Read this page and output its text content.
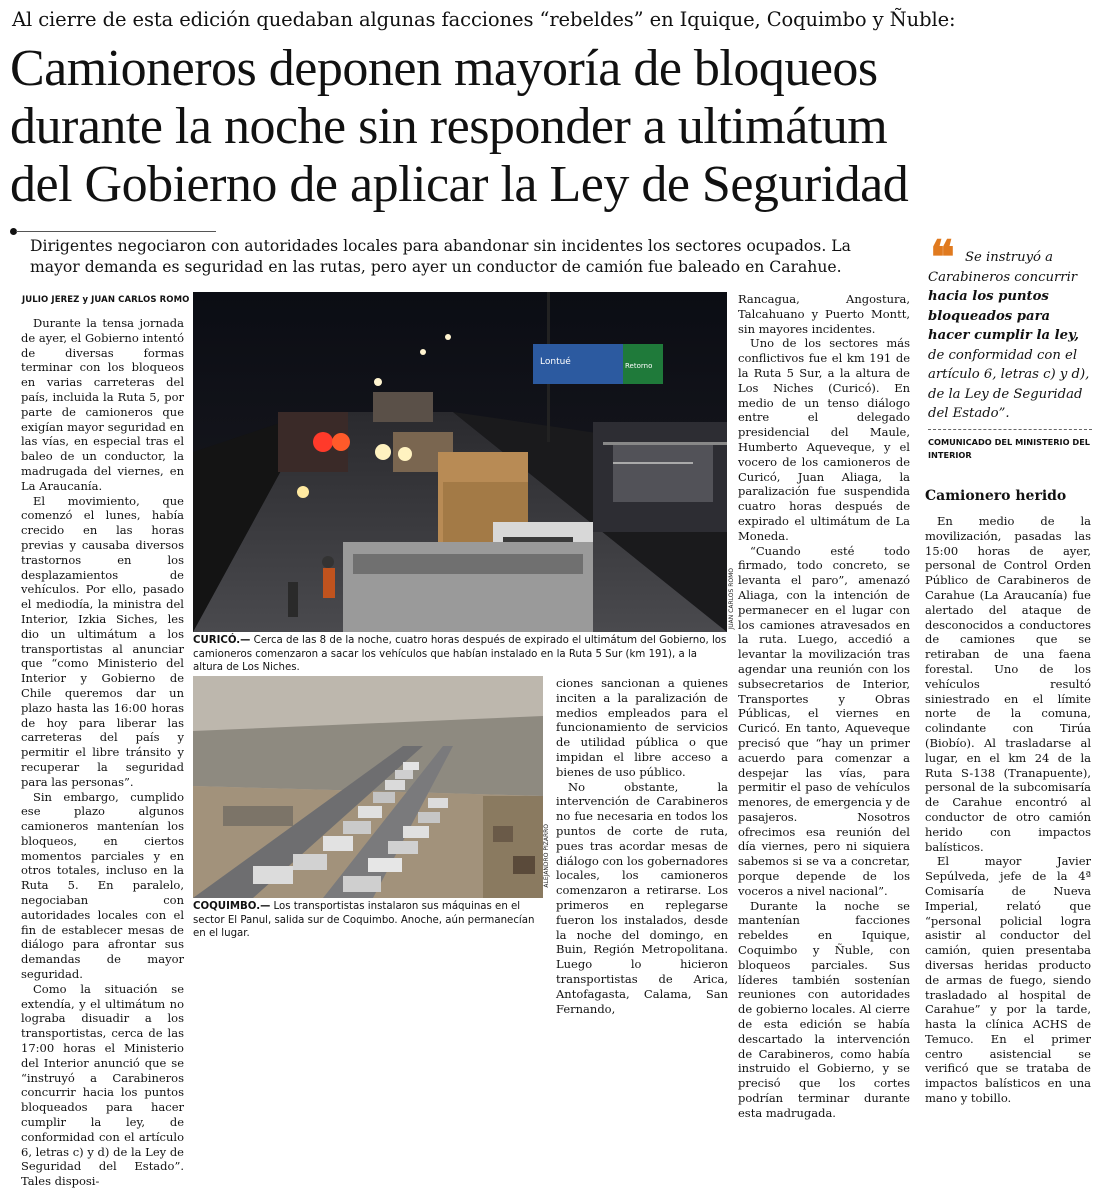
Al cierre de esta edición quedaban algunas facciones “rebeldes” en Iquique, Coquimbo y Ñuble:
Camioneros deponen mayoría de bloqueos
durante la noche sin responder a ultimátum
del Gobierno de aplicar la Ley de Seguridad
Dirigentes negociaron con autoridades locales para abandonar sin incidentes los sectores ocupados. La mayor demanda es seguridad en las rutas, pero ayer un conductor de camión fue baleado en Carahue.
JULIO JEREZ y JUAN CARLOS ROMO

Durante la tensa jornada de ayer, el Gobierno intentó de diversas formas terminar con los bloqueos en varias carreteras del país, incluida la Ruta 5, por parte de camioneros que exigían mayor seguridad en las vías, en especial tras el baleo de un conductor, la madrugada del viernes, en La Araucanía.

El movimiento, que comenzó el lunes, había crecido en las horas previas y causaba diversos trastornos en los desplazamientos de vehículos. Por ello, pasado el mediodía, la ministra del Interior, Izkia Siches, les dio un ultimátum a los transportistas al anunciar que “como Ministerio del Interior y Gobierno de Chile queremos dar un plazo hasta las 16:00 horas de hoy para liberar las carreteras del país y permitir el libre tránsito y recuperar la seguridad para las personas”.

Sin embargo, cumplido ese plazo algunos camioneros mantenían los bloqueos, en ciertos momentos parciales y en otros totales, incluso en la Ruta 5. En paralelo, negociaban con autoridades locales con el fin de establecer mesas de diálogo para afrontar sus demandas de mayor seguridad.

Como la situación se extendía, y el ultimátum no lograba disuadir a los transportistas, cerca de las 17:00 horas el Ministerio del Interior anunció que se “instruyó a Carabineros concurrir hacia los puntos bloqueados para hacer cumplir la ley, de conformidad con el artículo 6, letras c) y d) de la Ley de Seguridad del Estado”. Tales disposi-

Lontué	Retorno
JUAN CARLOS ROMO
CURICÓ.— Cerca de las 8 de la noche, cuatro horas después de expirado el ultimátum del Gobierno, los camioneros comenzaron a sacar los vehículos que habían instalado en la Ruta 5 Sur (km 191), a la altura de Los Niches.
ALEJANDRO PIZARRO
COQUIMBO.— Los transportistas instalaron sus máquinas en el sector El Panul, salida sur de Coquimbo. Anoche, aún permanecían en el lugar.

ciones sancionan a quienes inciten a la paralización de medios empleados para el funcionamiento de servicios de utilidad pública o que impidan el libre acceso a bienes de uso público.

No obstante, la intervención de Carabineros no fue necesaria en todos los puntos de corte de ruta, pues tras acordar mesas de diálogo con los gobernadores locales, los camioneros comenzaron a retirarse. Los primeros en replegarse fueron los instalados, desde la noche del domingo, en Buin, Región Metropolitana. Luego lo hicieron transportistas de Arica, Antofagasta, Calama, San Fernando,

Rancagua, Angostura, Talcahuano y Puerto Montt, sin mayores incidentes.

Uno de los sectores más conflictivos fue el km 191 de la Ruta 5 Sur, a la altura de Los Niches (Curicó). En medio de un tenso diálogo entre el delegado presidencial del Maule, Humberto Aqueveque, y el vocero de los camioneros de Curicó, Juan Aliaga, la paralización fue suspendida cuatro horas después de expirado el ultimátum de La Moneda.

“Cuando esté todo firmado, todo concreto, se levanta el paro”, amenazó Aliaga, con la intención de permanecer en el lugar con los camiones atravesados en la ruta. Luego, accedió a levantar la movilización tras agendar una reunión con los subsecretarios de Interior, Transportes y Obras Públicas, el viernes en Curicó. En tanto, Aqueveque precisó que “hay un primer acuerdo para comenzar a despejar las vías, para permitir el paso de vehículos menores, de emergencia y de pasajeros. Nosotros ofrecimos esa reunión del día viernes, pero ni siquiera sabemos si se va a concretar, porque depende de los voceros a nivel nacional”.

Durante la noche se mantenían facciones rebeldes en Iquique, Coquimbo y Ñuble, con bloqueos parciales. Sus líderes también sostenían reuniones con autoridades de gobierno locales. Al cierre de esta edición se había descartado la intervención de Carabineros, como había instruido el Gobierno, y se precisó que los cortes podrían terminar durante esta madrugada.

❝ Se instruyó a
Carabineros concurrir hacia los puntos bloqueados para hacer cumplir la ley, de conformidad con el artículo 6, letras c) y d), de la Ley de Seguridad del Estado”.
COMUNICADO DEL MINISTERIO DEL INTERIOR
Camionero herido

En medio de la movilización, pasadas las 15:00 horas de ayer, personal de Control Orden Público de Carabineros de Carahue (La Araucanía) fue alertado del ataque de desconocidos a conductores de camiones que se retiraban de una faena forestal. Uno de los vehículos resultó siniestrado en el límite norte de la comuna, colindante con Tirúa (Biobío). Al trasladarse al lugar, en el km 24 de la Ruta S-138 (Tranapuente), personal de la subcomisaría de Carahue encontró al conductor de otro camión herido con impactos balísticos.

El mayor Javier Sepúlveda, jefe de la 4ª Comisaría de Nueva Imperial, relató que “personal policial logra asistir al conductor del camión, quien presentaba diversas heridas producto de armas de fuego, siendo trasladado al hospital de Carahue” y por la tarde, hasta la clínica ACHS de Temuco. En el primer centro asistencial se verificó que se trataba de impactos balísticos en una mano y tobillo.
